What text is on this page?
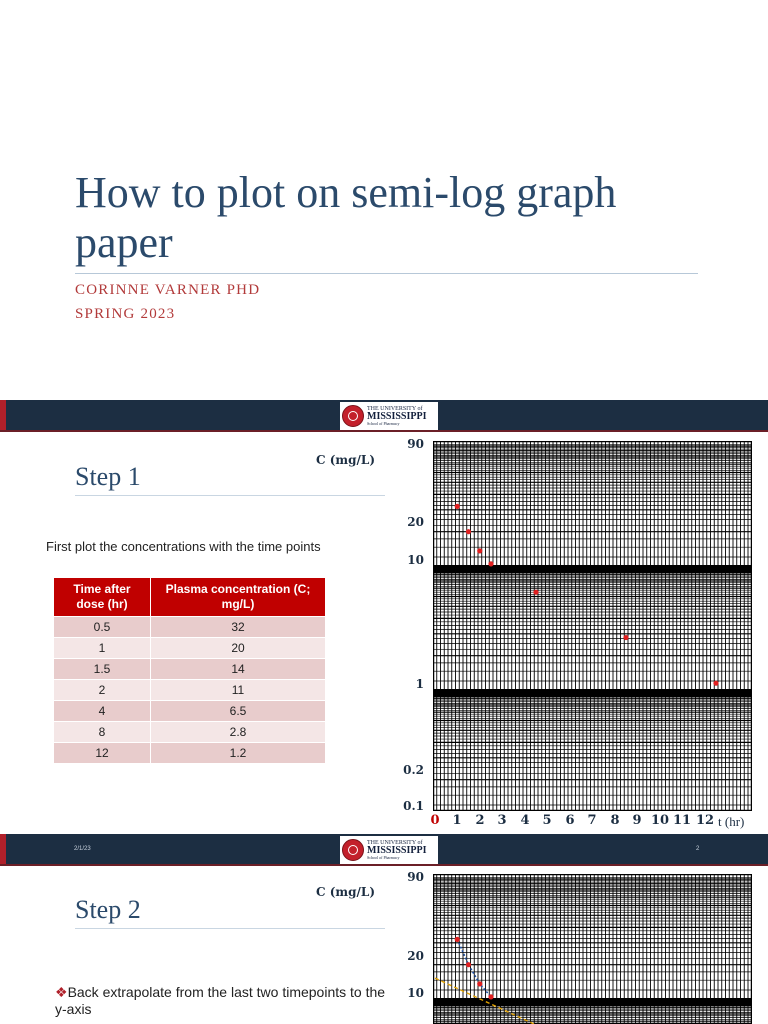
How to plot on semi-log graph paper
CORINNE VARNER PHD
SPRING 2023
THE UNIVERSITY of
MISSISSIPPI
School of Pharmacy
Step 1
First plot the concentrations with the time points
Time after dose (hr)	Plasma concentration (C; mg/L)
0.5	32
1	20
1.5	14
2	11
4	6.5
8	2.8
12	1.2
C (mg/L)
90
20
10
1
0.2
0.1
0 1	2 3	4 5	6 7	8 9 10 11 12 t (hr)
2/1/23
THE UNIVERSITY of
MISSISSIPPI
School of Pharmacy
2
Step 2
❖Back extrapolate from the last two timepoints to the y-axis
C (mg/L)
90
20
10
